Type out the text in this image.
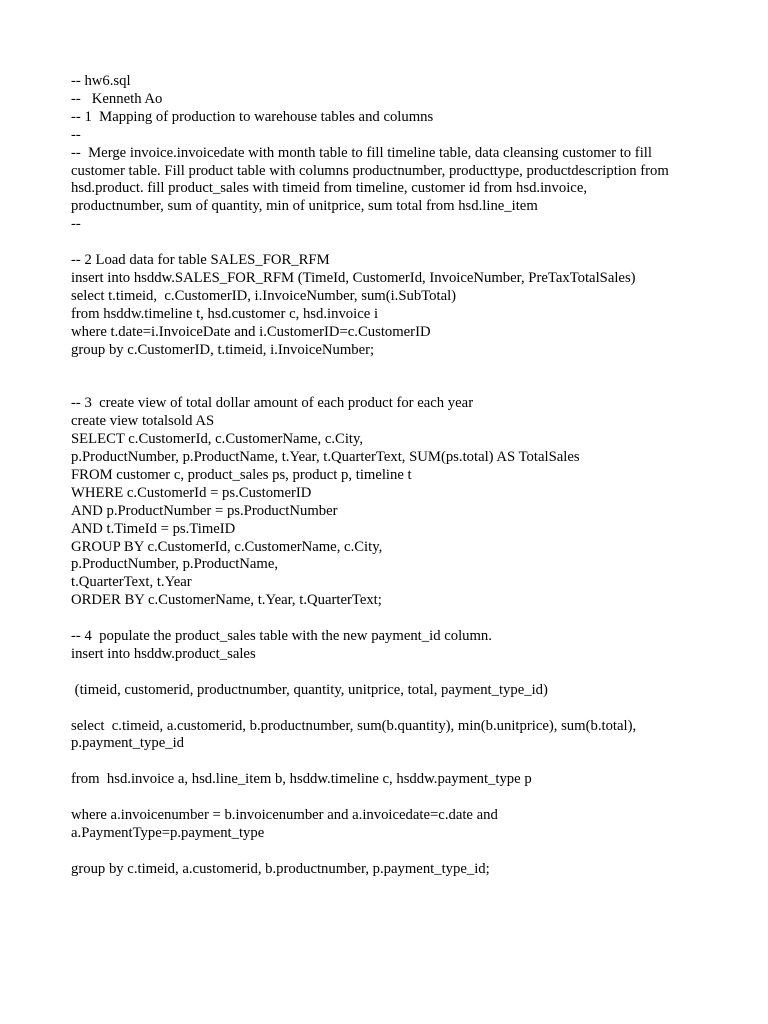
-- hw6.sql
--   Kenneth Ao
-- 1  Mapping of production to warehouse tables and columns
--
--  Merge invoice.invoicedate with month table to fill timeline table, data cleansing customer to fill
customer table. Fill product table with columns productnumber, producttype, productdescription from
hsd.product. fill product_sales with timeid from timeline, customer id from hsd.invoice,
productnumber, sum of quantity, min of unitprice, sum total from hsd.line_item
--
-- 2 Load data for table SALES_FOR_RFM
insert into hsddw.SALES_FOR_RFM (TimeId, CustomerId, InvoiceNumber, PreTaxTotalSales)
select t.timeid,  c.CustomerID, i.InvoiceNumber, sum(i.SubTotal)
from hsddw.timeline t, hsd.customer c, hsd.invoice i
where t.date=i.InvoiceDate and i.CustomerID=c.CustomerID
group by c.CustomerID, t.timeid, i.InvoiceNumber;
-- 3  create view of total dollar amount of each product for each year
create view totalsold AS
SELECT c.CustomerId, c.CustomerName, c.City,
p.ProductNumber, p.ProductName, t.Year, t.QuarterText, SUM(ps.total) AS TotalSales
FROM customer c, product_sales ps, product p, timeline t
WHERE c.CustomerId = ps.CustomerID
AND p.ProductNumber = ps.ProductNumber
AND t.TimeId = ps.TimeID
GROUP BY c.CustomerId, c.CustomerName, c.City,
p.ProductNumber, p.ProductName,
t.QuarterText, t.Year
ORDER BY c.CustomerName, t.Year, t.QuarterText;
-- 4  populate the product_sales table with the new payment_id column.
insert into hsddw.product_sales
(timeid, customerid, productnumber, quantity, unitprice, total, payment_type_id)
select  c.timeid, a.customerid, b.productnumber, sum(b.quantity), min(b.unitprice), sum(b.total),
p.payment_type_id
from  hsd.invoice a, hsd.line_item b, hsddw.timeline c, hsddw.payment_type p
where a.invoicenumber = b.invoicenumber and a.invoicedate=c.date and
a.PaymentType=p.payment_type
group by c.timeid, a.customerid, b.productnumber, p.payment_type_id;
